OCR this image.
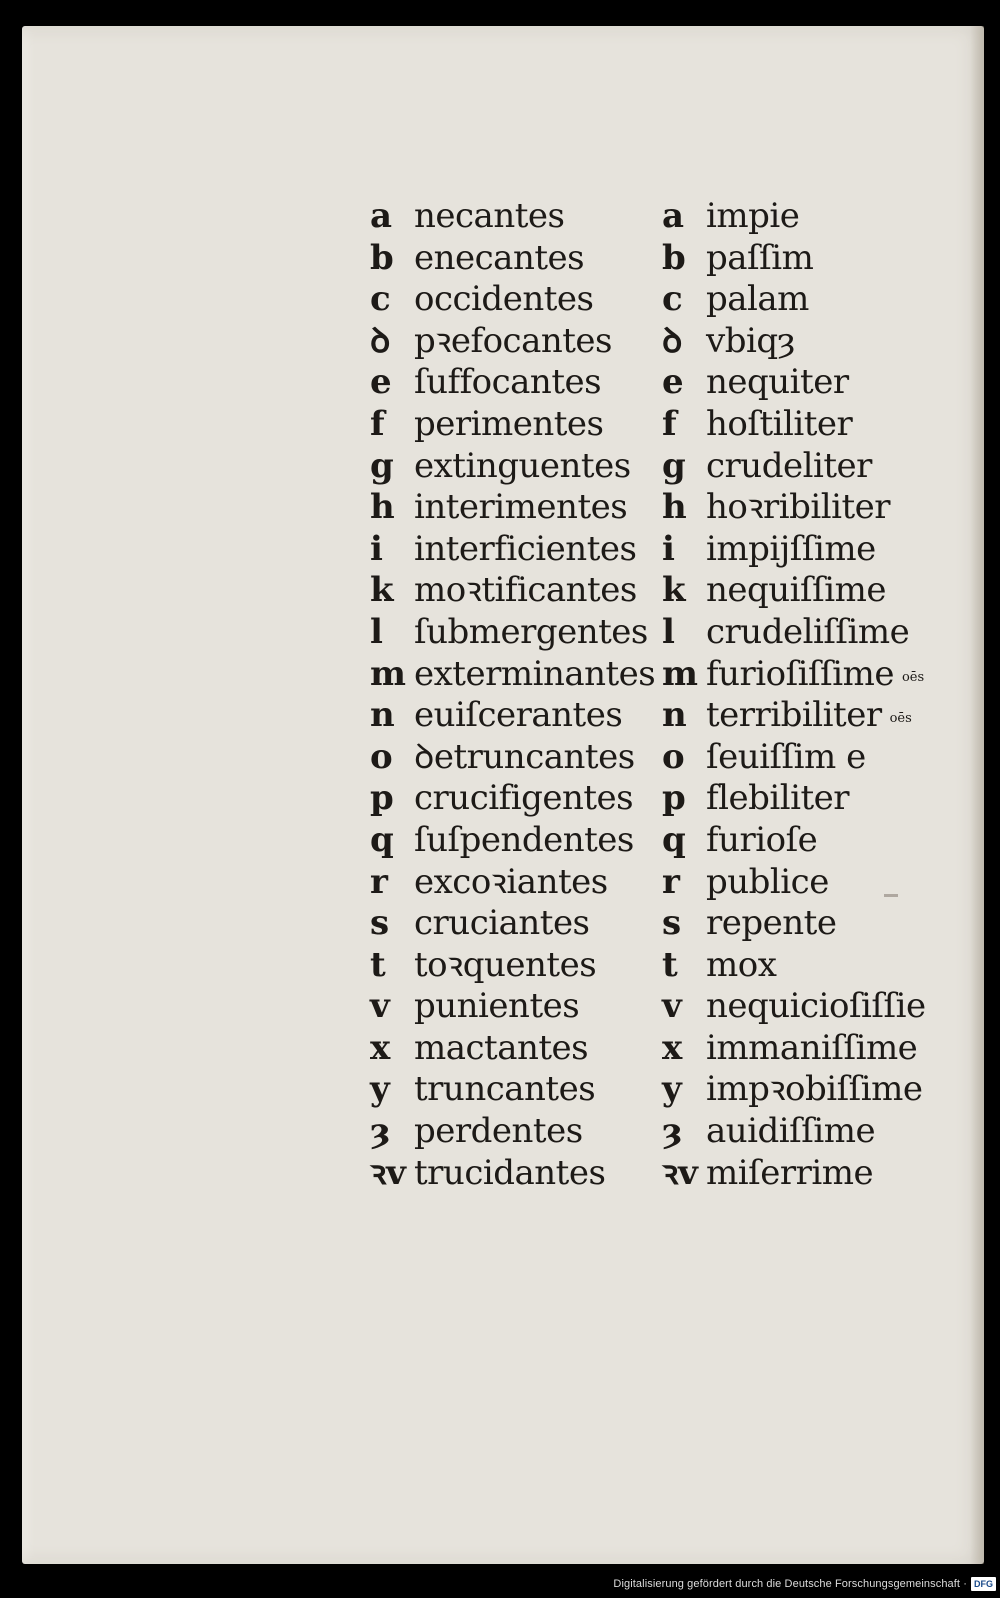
a necantes
b enecantes
c occidentes
ꝺ pꝛefocantes
e ſuffocantes
f perimentes
g extinguentes
h interimentes
i interficientes
k moꝛtificantes
l ſubmergentes
m exterminantes
n euiſcerantes
o ꝺetruncantes
p crucifigentes
q ſuſpendentes
r excoꝛiantes
s cruciantes
t toꝛquentes
v punientes
x mactantes
y truncantes
ȝ perdentes
ꝛv trucidantes
a impie
b paſſim
c palam
ꝺ vbiqȝ
e nequiter
f hoſtiliter
g crudeliter
h hoꝛribiliter
i impijſſime
k nequiſſime
l crudeliſſime
m furioſiſſime oēs
n terribiliter oēs
o ſeuiſſim e
p flebiliter
q furioſe
r publice
s repente
t mox
v nequicioſiſſie
x immaniſſime
y impꝛobiſſime
ȝ auidiſſime
ꝛv miſerrime
Digitalisierung gefördert durch die Deutsche Forschungsgemeinschaft · DFG
